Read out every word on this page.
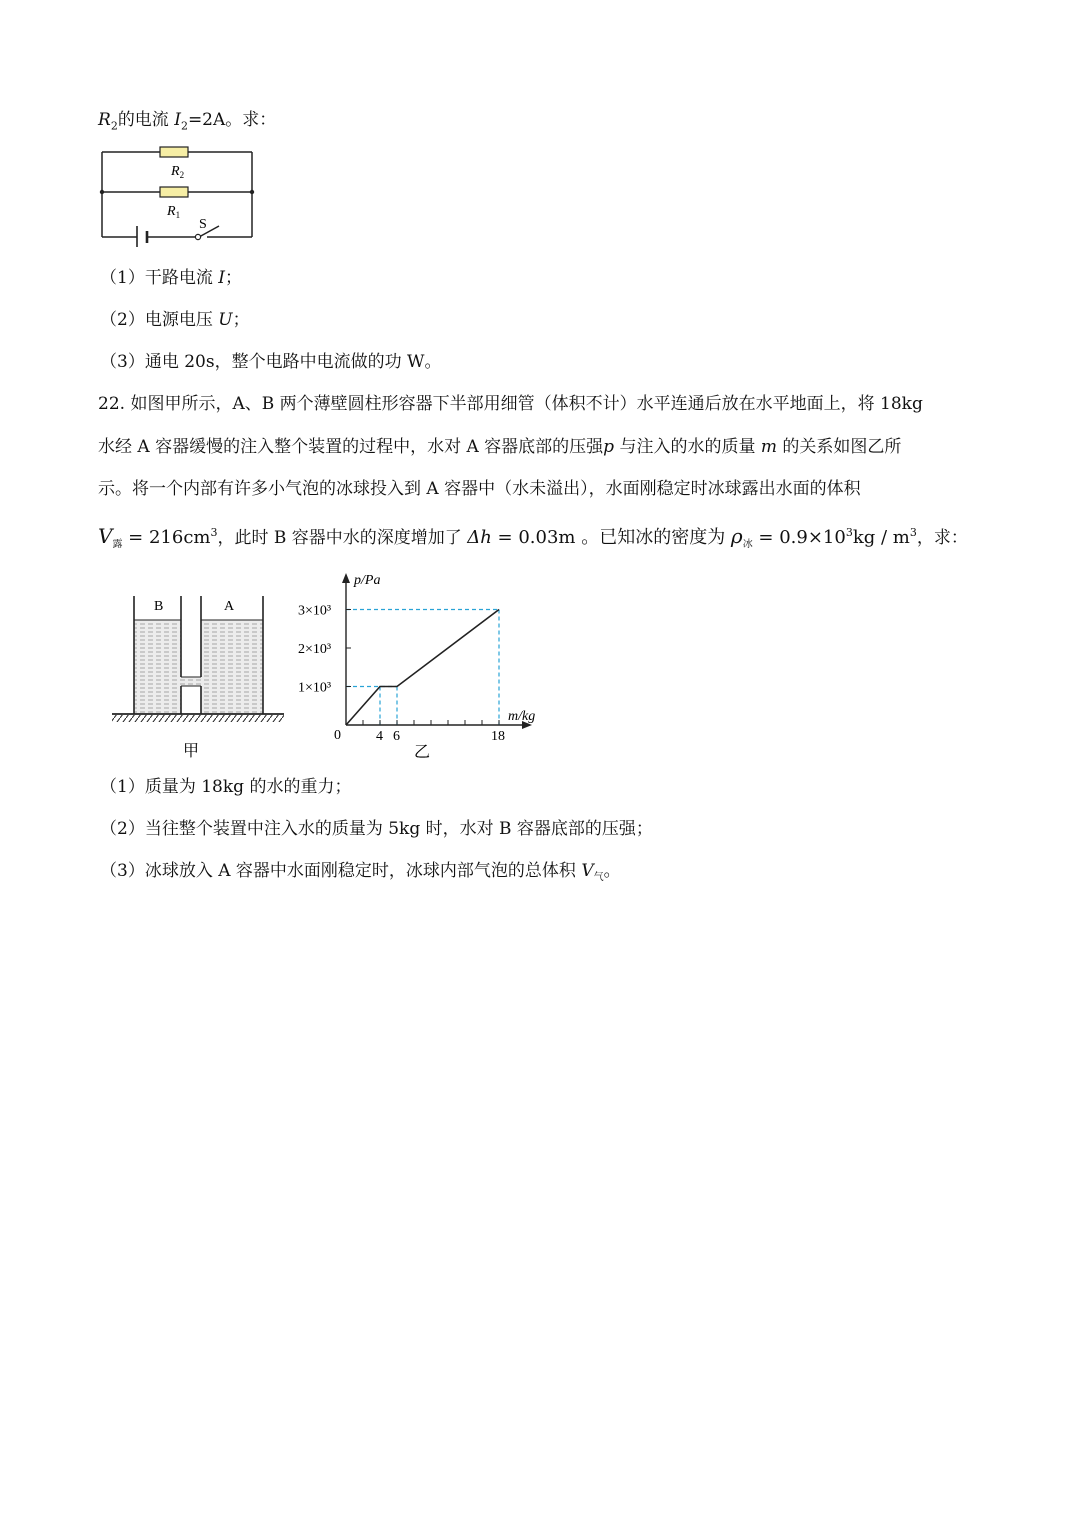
$R_2$的电流 $I_2=2A$。求：
$R_2$
$R_1$
S
（1）干路电流 I；
（2）电源电压 U；
（3）通电 20s，整个电路中电流做的功 W。
22. 如图甲所示，A、B 两个薄壁圆柱形容器下半部用细管（体积不计）水平连通后放在水平地面上，将 18kg
水经 A 容器缓慢的注入整个装置的过程中，水对 A 容器底部的压强p 与注入的水的质量 m 的关系如图乙所
示。将一个内部有许多小气泡的冰球投入到 A 容器中（水未溢出），水面刚稳定时冰球露出水面的体积
$V_露 = 216cm^3$，此时 B 容器中水的深度增加了 Δh = 0.03m 。已知冰的密度为 $\rho_冰 = 0.9\times 10^3kg / m^3$，求：
B	A
甲
4 6	18
1×10³
2×10³
3×10³
p/Pa
m/kg
0
乙
（1）质量为 18kg 的水的重力；
（2）当往整个装置中注入水的质量为 5kg 时，水对 B 容器底部的压强；
（3）冰球放入 A 容器中水面刚稳定时，冰球内部气泡的总体积 $V_气$。
